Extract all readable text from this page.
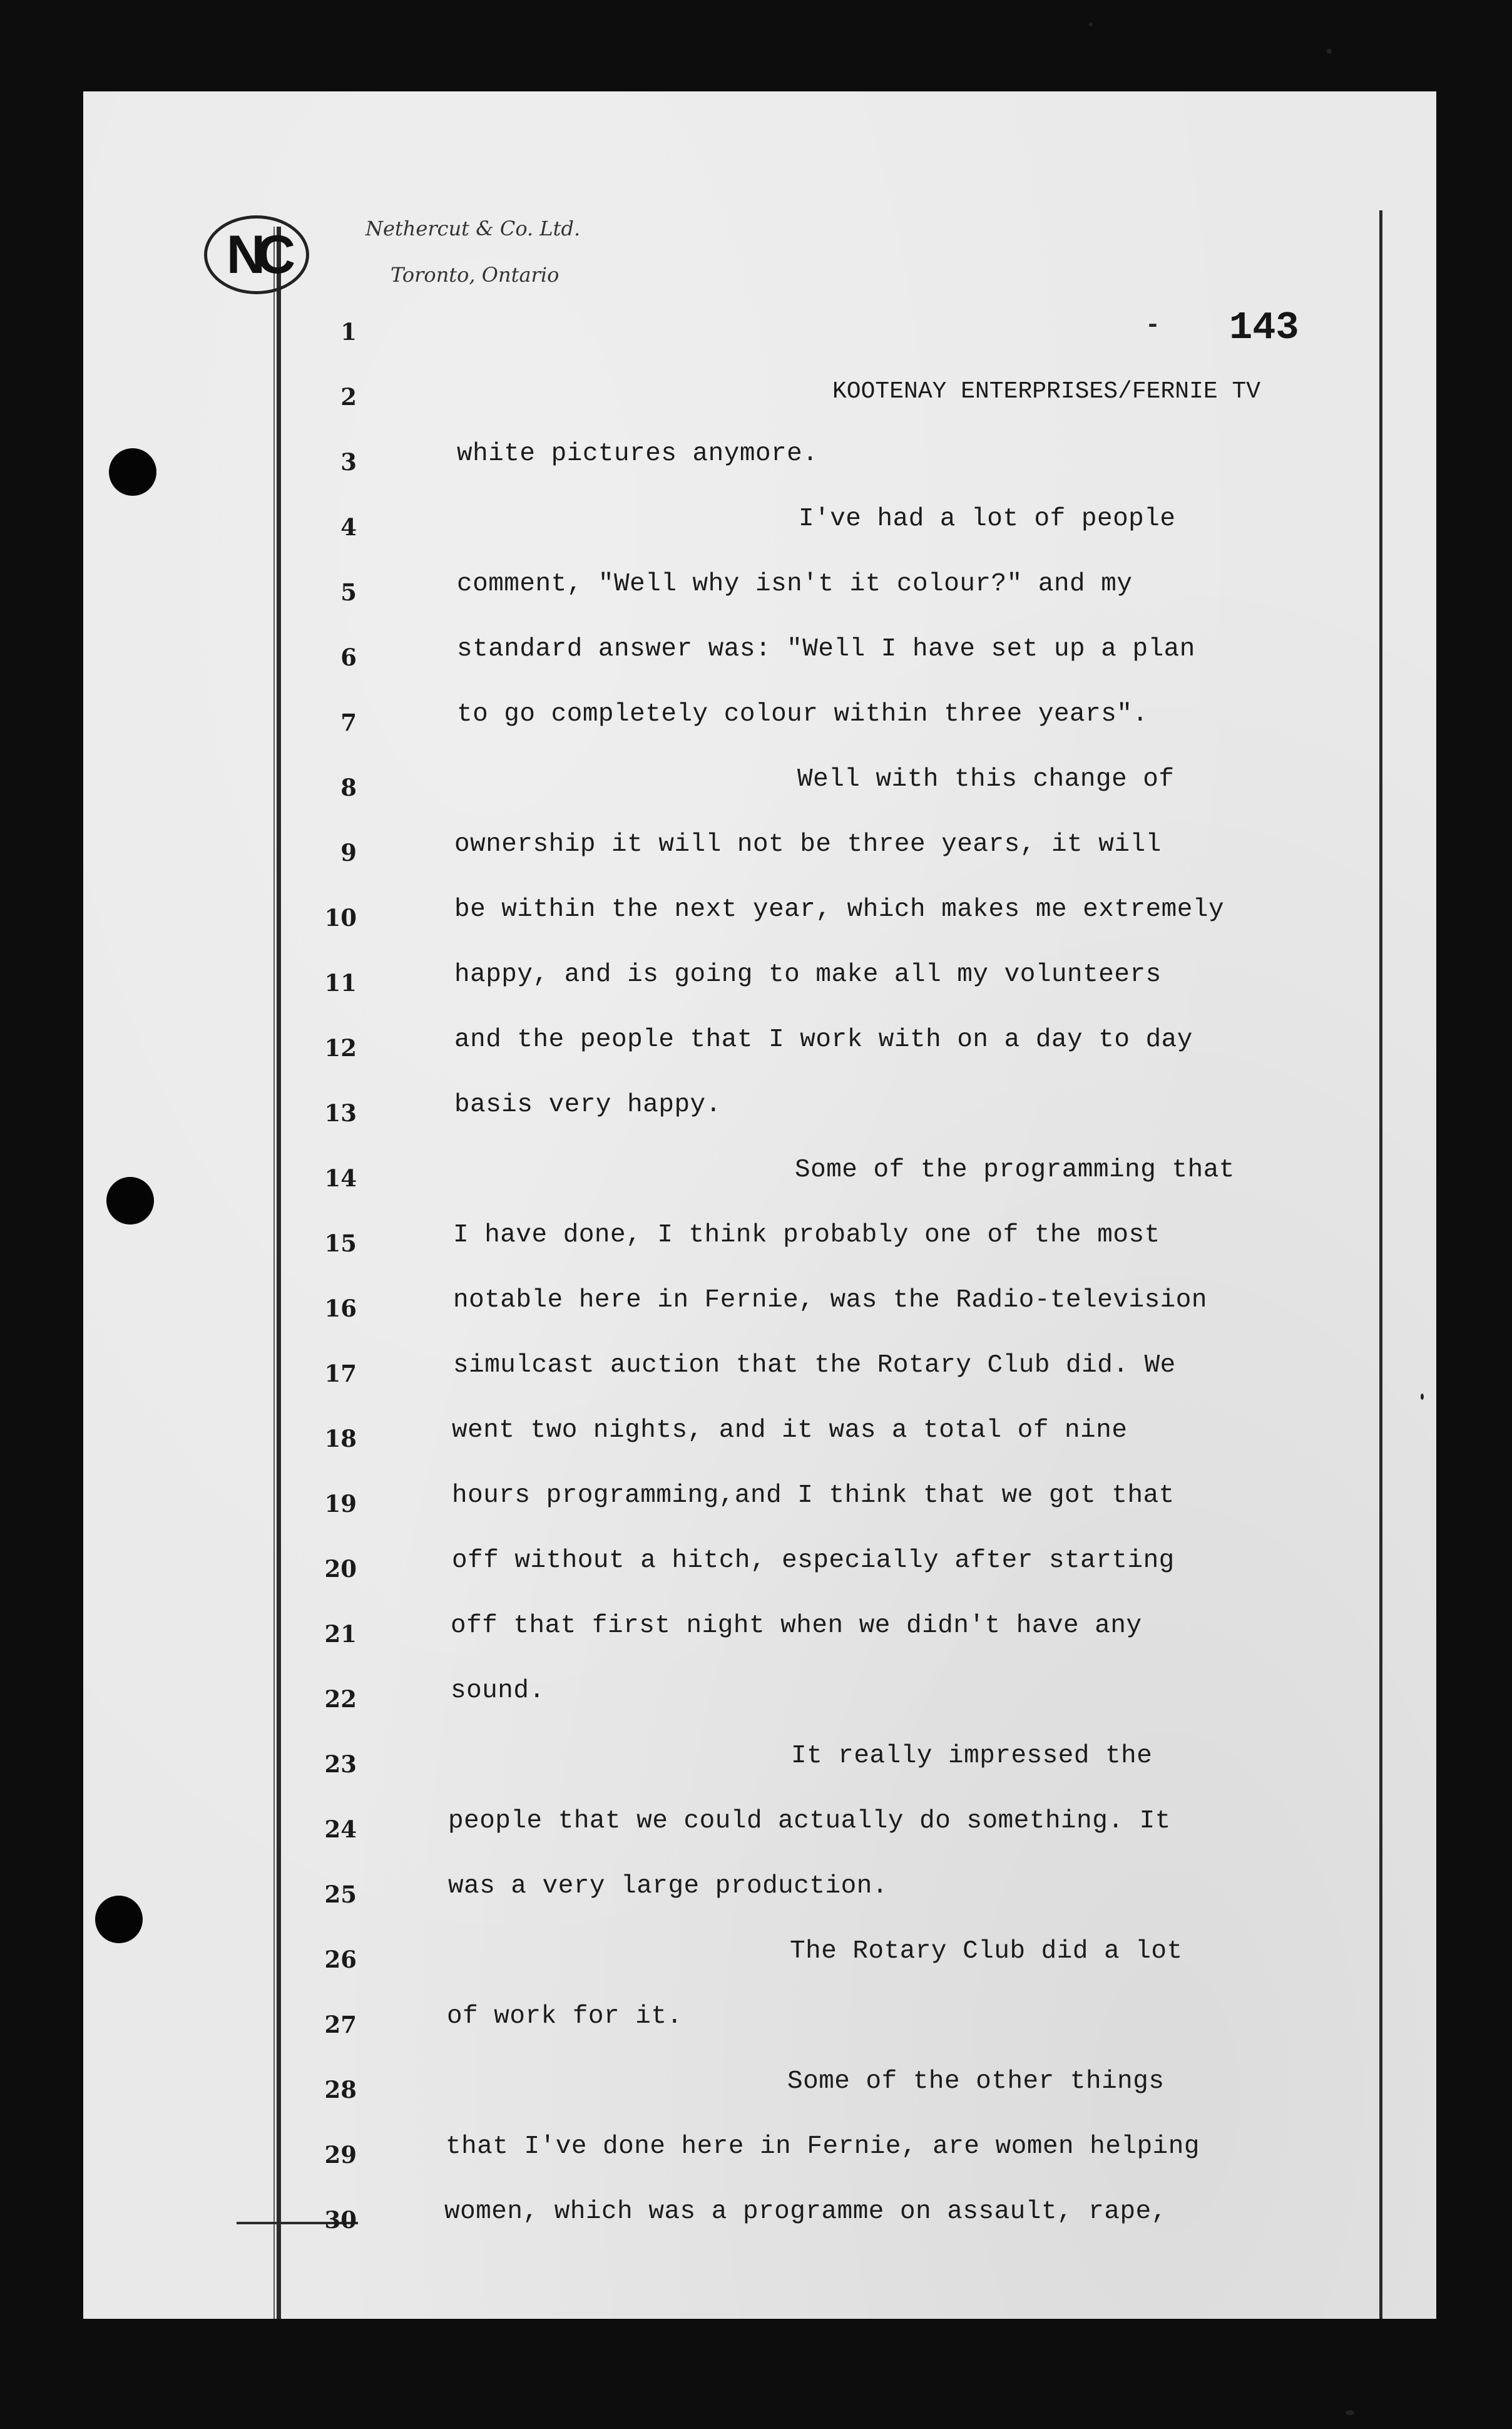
NC	Nethercut & Co. Ltd.
Toronto, Ontario
- 143
KOOTENAY ENTERPRISES/FERNIE TV
1
2
3
4
5
6
7
8
9
10
11
12
13
14
15
16
17
18
19
20
21
22
23
24
25
26
27
28
29
30
white pictures anymore.
I've had a lot of people
comment, "Well why isn't it colour?" and my
standard answer was: "Well I have set up a plan
to go completely colour within three years".
Well with this change of
ownership it will not be three years, it will
be within the next year, which makes me extremely
happy, and is going to make all my volunteers
and the people that I work with on a day to day
basis very happy.
Some of the programming that
I have done, I think probably one of the most
notable here in Fernie, was the Radio-television
simulcast auction that the Rotary Club did. We
went two nights, and it was a total of nine
hours programming,and I think that we got that
off without a hitch, especially after starting
off that first night when we didn't have any
sound.
It really impressed the
people that we could actually do something. It
was a very large production.
The Rotary Club did a lot
of work for it.
Some of the other things
that I've done here in Fernie, are women helping
women, which was a programme on assault, rape,
